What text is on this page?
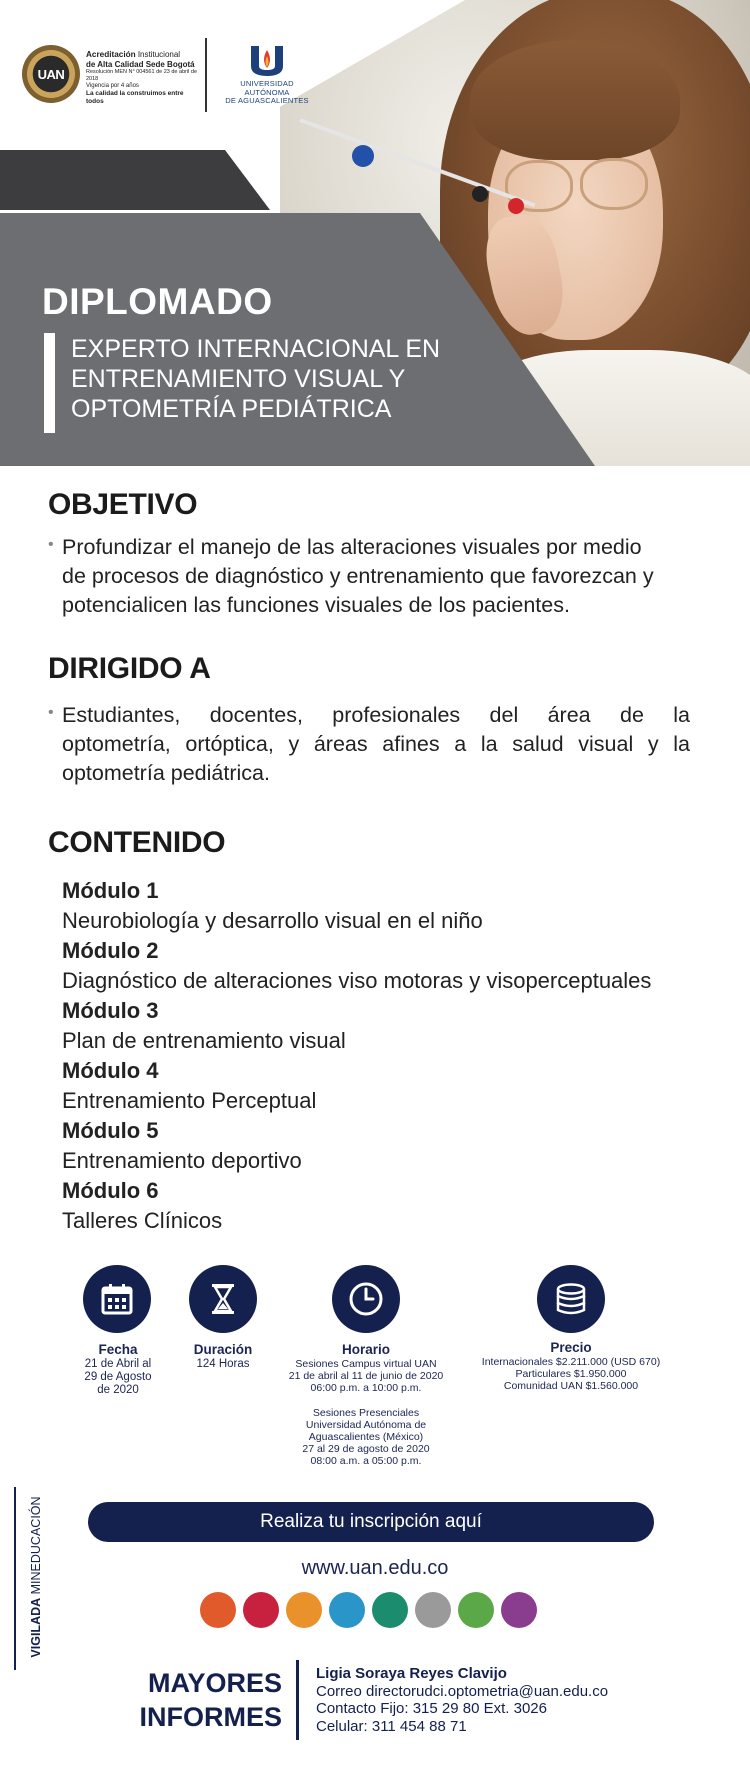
UAN
Acreditación Institucional
de Alta Calidad Sede Bogotá
Resolución MEN N° 004561 de 23 de abril de 2018
Vigencia por 4 años
La calidad la construimos entre todos
UNIVERSIDAD AUTÓNOMA
DE AGUASCALIENTES
DIPLOMADO
EXPERTO INTERNACIONAL EN
ENTRENAMIENTO VISUAL Y
OPTOMETRÍA PEDIÁTRICA
OBJETIVO
• Profundizar el manejo de las alteraciones visuales por medio
de procesos de diagnóstico y entrenamiento que favorezcan y
potencialicen las funciones visuales de los pacientes.
DIRIGIDO A
• Estudiantes, docentes, profesionales del área de la
optometría, ortóptica, y áreas afines a la salud visual y la
optometría pediátrica.
CONTENIDO
Módulo 1
Neurobiología y desarrollo visual en el niño
Módulo 2
Diagnóstico de alteraciones viso motoras y visoperceptuales
Módulo 3
Plan de entrenamiento visual
Módulo 4
Entrenamiento Perceptual
Módulo 5
Entrenamiento deportivo
Módulo 6
Talleres Clínicos
Fecha
21 de Abril al
29 de Agosto
de 2020
Duración
124 Horas
Horario
Sesiones Campus virtual UAN
21 de abril al 11 de junio de 2020
06:00 p.m. a 10:00 p.m.
Sesiones Presenciales
Universidad Autónoma de
Aguascalientes (México)
27 al 29 de agosto de 2020
08:00 a.m. a 05:00 p.m.
Precio
Internacionales $2.211.000 (USD 670)
Particulares $1.950.000
Comunidad UAN $1.560.000
Realiza tu inscripción aquí
www.uan.edu.co
VIGILADA MINEDUCACIÓN
MAYORES
INFORMES
Ligia Soraya Reyes Clavijo
Correo directorudci.optometria@uan.edu.co
Contacto Fijo: 315 29 80 Ext. 3026
Celular: 311 454 88 71
